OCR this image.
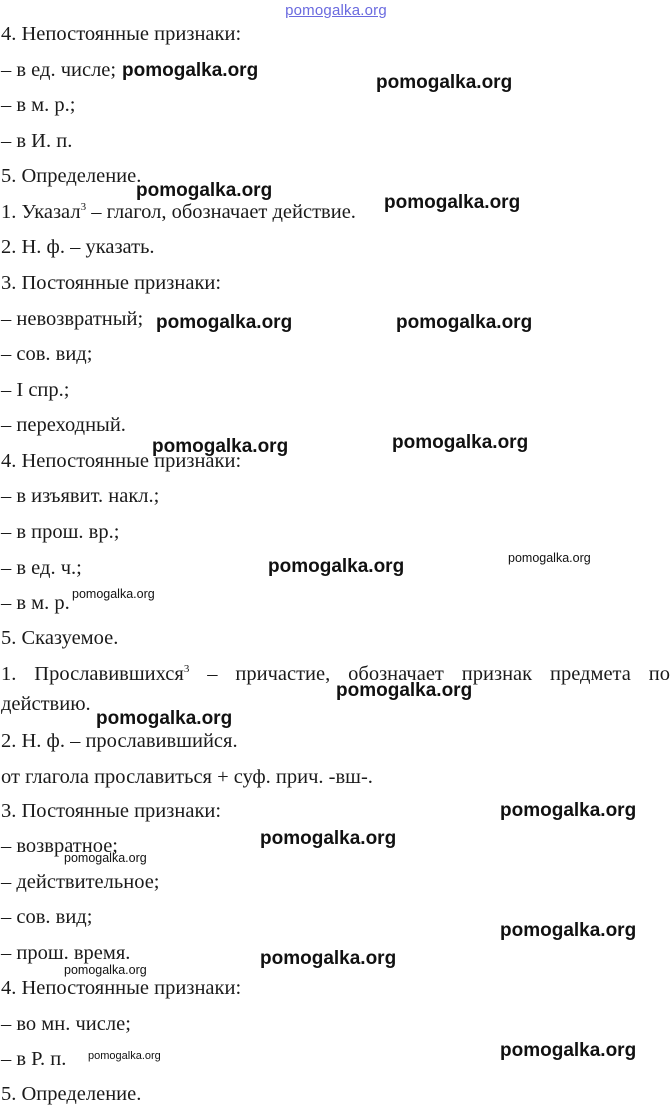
pomogalka.org
4. Непостоянные признаки:
– в ед. числе;
– в м. р.;
– в И. п.
5. Определение.
1. Указал$^3$ – глагол, обозначает действие.
2. Н. ф. – указать.
3. Постоянные признаки:
– невозвратный;
– сов. вид;
– I спр.;
– переходный.
4. Непостоянные признаки:
– в изъявит. накл.;
– в прош. вр.;
– в ед. ч.;
– в м. р.
5. Сказуемое.
1. Прославившихся$^3$ – причастие, обозначает признак предмета по
действию.
2. Н. ф. – прославившийся.
от глагола прославиться + суф. прич. -вш-.
3. Постоянные признаки:
– возвратное;
– действительное;
– сов. вид;
– прош. время.
4. Непостоянные признаки:
– во мн. числе;
– в Р. п.
5. Определение.
pomogalka.org
pomogalka.org
pomogalka.org
pomogalka.org
pomogalka.org	pomogalka.org
pomogalka.org	pomogalka.org
pomogalka.org	pomogalka.org
pomogalka.org
pomogalka.org
pomogalka.org
pomogalka.org
pomogalka.org
pomogalka.org
pomogalka.org
pomogalka.org
pomogalka.org
pomogalka.org
pomogalka.org
